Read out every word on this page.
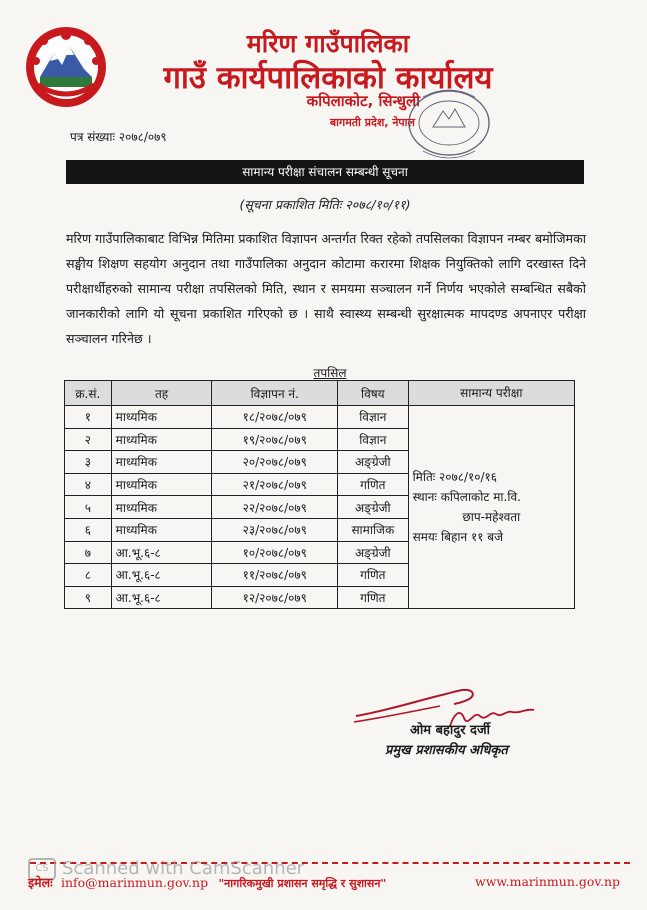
मरिण गाउँपालिका
गाउँ कार्यपालिकाको कार्यालय
कपिलाकोट, सिन्धुली
बागमती प्रदेश, नेपाल
पत्र संख्याः २०७८/०७९
सामान्य परीक्षा संचालन सम्बन्धी सूचना
(सूचना प्रकाशित मितिः २०७८/१०/११)
मरिण गाउँपालिकाबाट विभिन्न मितिमा प्रकाशित विज्ञापन अन्तर्गत रिक्त रहेको तपसिलका विज्ञापन नम्बर बमोजिमका सङ्घीय शिक्षण सहयोग अनुदान तथा गाउँपालिका अनुदान कोटामा करारमा शिक्षक नियुक्तिको लागि दरखास्त दिने परीक्षार्थीहरुको सामान्य परीक्षा तपसिलको मिति, स्थान र समयमा सञ्चालन गर्ने निर्णय भएकोले सम्बन्धित सबैको जानकारीको लागि यो सूचना प्रकाशित गरिएको छ । साथै स्वास्थ्य सम्बन्धी सुरक्षात्मक मापदण्ड अपनाएर परीक्षा सञ्चालन गरिनेछ ।
तपसिल
क्र.सं.	तह	विज्ञापन नं.	विषय	सामान्य परीक्षा
१	माध्यमिक	१८/२०७८/०७९	विज्ञान	मितिः २०७८/१०/१६
स्थानः कपिलाकोट मा.वि.
छाप-महेश्वता
समयः बिहान ११ बजे

२	माध्यमिक	१९/२०७८/०७९	विज्ञान	
३	माध्यमिक	२०/२०७८/०७९	अङ्ग्रेजी	
४	माध्यमिक	२१/२०७८/०७९	गणित	
५	माध्यमिक	२२/२०७८/०७९	अङ्ग्रेजी	
६	माध्यमिक	२३/२०७८/०७९	सामाजिक	
७	आ.भू.६-८	१०/२०७८/०७९	अङ्ग्रेजी	
८	आ.भू.६-८	११/२०७८/०७९	गणित	
९	आ.भू.६-८	१२/२०७८/०७९	गणित	
ओम बहादुर दर्जी
प्रमुख प्रशासकीय अधिकृत
CS Scanned with CamScanner
इमेलः info@marinmun.gov.np "नागरिकमुखी प्रशासन समृद्धि र सुशासन"	www.marinmun.gov.np
